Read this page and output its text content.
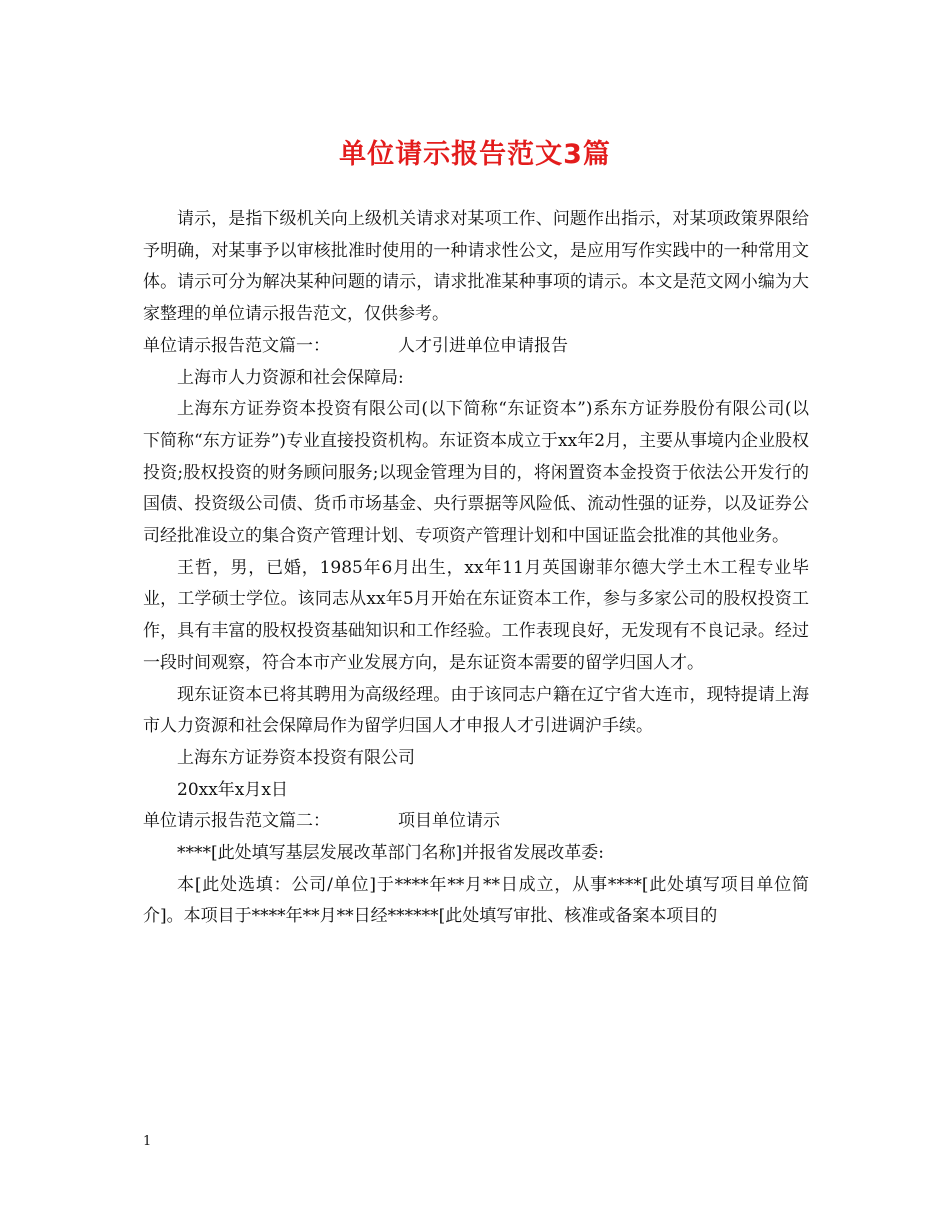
单位请示报告范文3篇

请示，是指下级机关向上级机关请求对某项工作、问题作出指示，对某项政策界限给予明确，对某事予以审核批准时使用的一种请求性公文，是应用写作实践中的一种常用文体。请示可分为解决某种问题的请示，请求批准某种事项的请示。本文是范文网小编为大家整理的单位请示报告范文，仅供参考。

单位请示报告范文篇一：	人才引进单位申请报告

上海市人力资源和社会保障局:

上海东方证券资本投资有限公司(以下简称“东证资本”)系东方证券股份有限公司(以下简称“东方证券”)专业直接投资机构。东证资本成立于xx年2月，主要从事境内企业股权投资;股权投资的财务顾问服务;以现金管理为目的，将闲置资本金投资于依法公开发行的国债、投资级公司债、货币市场基金、央行票据等风险低、流动性强的证券，以及证券公司经批准设立的集合资产管理计划、专项资产管理计划和中国证监会批准的其他业务。

王哲，男，已婚，1985年6月出生，xx年11月英国谢菲尔德大学土木工程专业毕业，工学硕士学位。该同志从xx年5月开始在东证资本工作，参与多家公司的股权投资工作，具有丰富的股权投资基础知识和工作经验。工作表现良好，无发现有不良记录。经过一段时间观察，符合本市产业发展方向，是东证资本需要的留学归国人才。

现东证资本已将其聘用为高级经理。由于该同志户籍在辽宁省大连市，现特提请上海市人力资源和社会保障局作为留学归国人才申报人才引进调沪手续。

上海东方证券资本投资有限公司

20xx年x月x日

单位请示报告范文篇二：	项目单位请示

****[此处填写基层发展改革部门名称]并报省发展改革委:

本[此处选填：公司/单位]于****年**月**日成立，从事****[此处填写项目单位简介]。本项目于****年**月**日经******[此处填写审批、核准或备案本项目的

1
